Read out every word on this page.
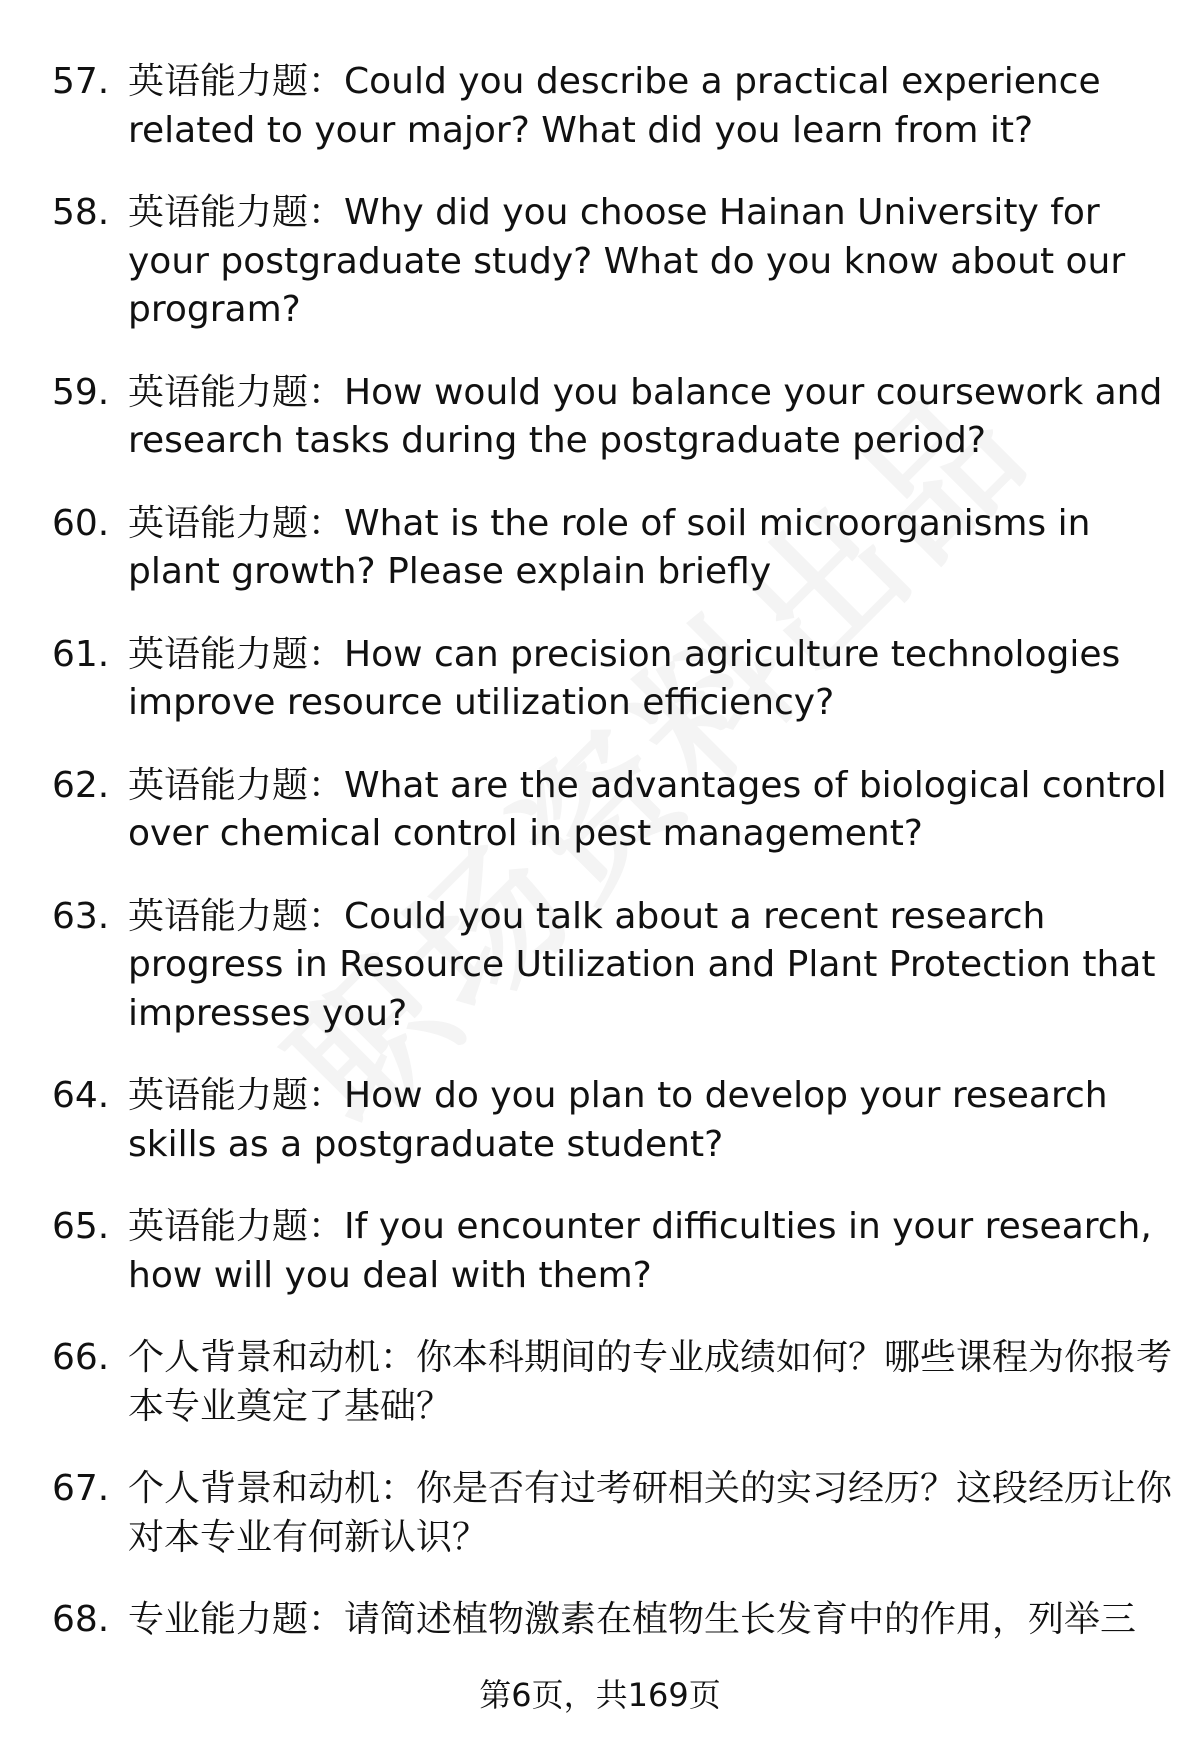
57. 英语能力题：Could you describe a practical experience related to your major? What did you learn from it?
58. 英语能力题：Why did you choose Hainan University for your postgraduate study? What do you know about our program?
59. 英语能力题：How would you balance your coursework and research tasks during the postgraduate period?
60. 英语能力题：What is the role of soil microorganisms in plant growth? Please explain briefly
61. 英语能力题：How can precision agriculture technologies improve resource utilization efficiency?
62. 英语能力题：What are the advantages of biological control over chemical control in pest management?
63. 英语能力题：Could you talk about a recent research progress in Resource Utilization and Plant Protection that impresses you?
64. 英语能力题：How do you plan to develop your research skills as a postgraduate student?
65. 英语能力题：If you encounter difficulties in your research, how will you deal with them?
66. 个人背景和动机：你本科期间的专业成绩如何？哪些课程为你报考本专业奠定了基础？
67. 个人背景和动机：你是否有过考研相关的实习经历？这段经历让你对本专业有何新认识？
68. 专业能力题：请简述植物激素在植物生长发育中的作用，列举三
第6页，共169页
